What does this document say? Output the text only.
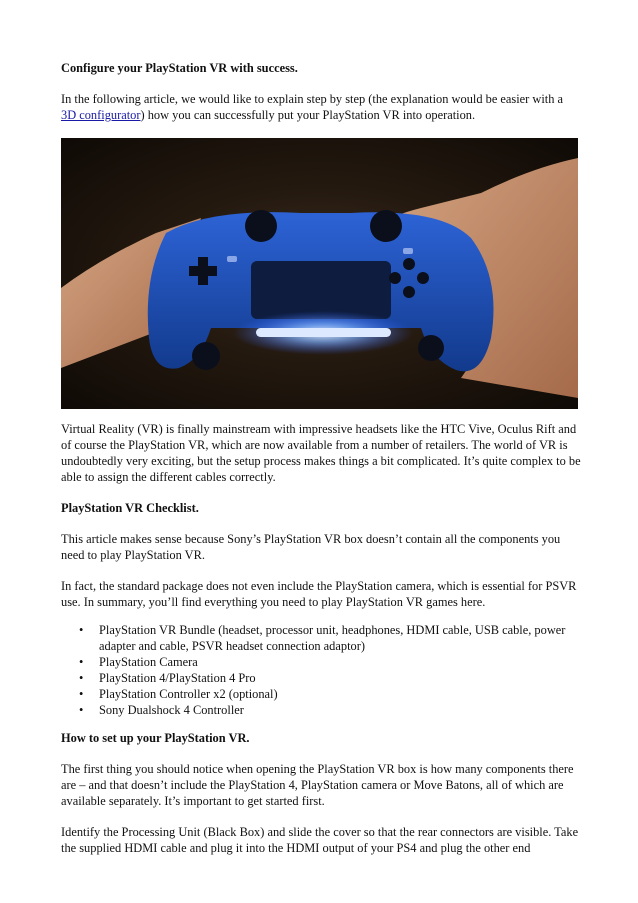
Configure your PlayStation VR with success.

In the following article, we would like to explain step by step (the explanation would be easier with a 3D configurator) how you can successfully put your PlayStation VR into operation.

Virtual Reality (VR) is finally mainstream with impressive headsets like the HTC Vive, Oculus Rift and of course the PlayStation VR, which are now available from a number of retailers. The world of VR is undoubtedly very exciting, but the setup process makes things a bit complicated. It’s quite complex to be able to assign the different cables correctly.

PlayStation VR Checklist.

This article makes sense because Sony’s PlayStation VR box doesn’t contain all the components you need to play PlayStation VR.

In fact, the standard package does not even include the PlayStation camera, which is essential for PSVR use. In summary, you’ll find everything you need to play PlayStation VR games here.

• PlayStation VR Bundle (headset, processor unit, headphones, HDMI cable, USB cable, power adapter and cable, PSVR headset connection adaptor)
• PlayStation Camera
• PlayStation 4/PlayStation 4 Pro
• PlayStation Controller x2 (optional)
• Sony Dualshock 4 Controller
How to set up your PlayStation VR.

The first thing you should notice when opening the PlayStation VR box is how many components there are – and that doesn’t include the PlayStation 4, PlayStation camera or Move Batons, all of which are available separately. It’s important to get started first.

Identify the Processing Unit (Black Box) and slide the cover so that the rear connectors are visible. Take the supplied HDMI cable and plug it into the HDMI output of your PS4 and plug the other end
